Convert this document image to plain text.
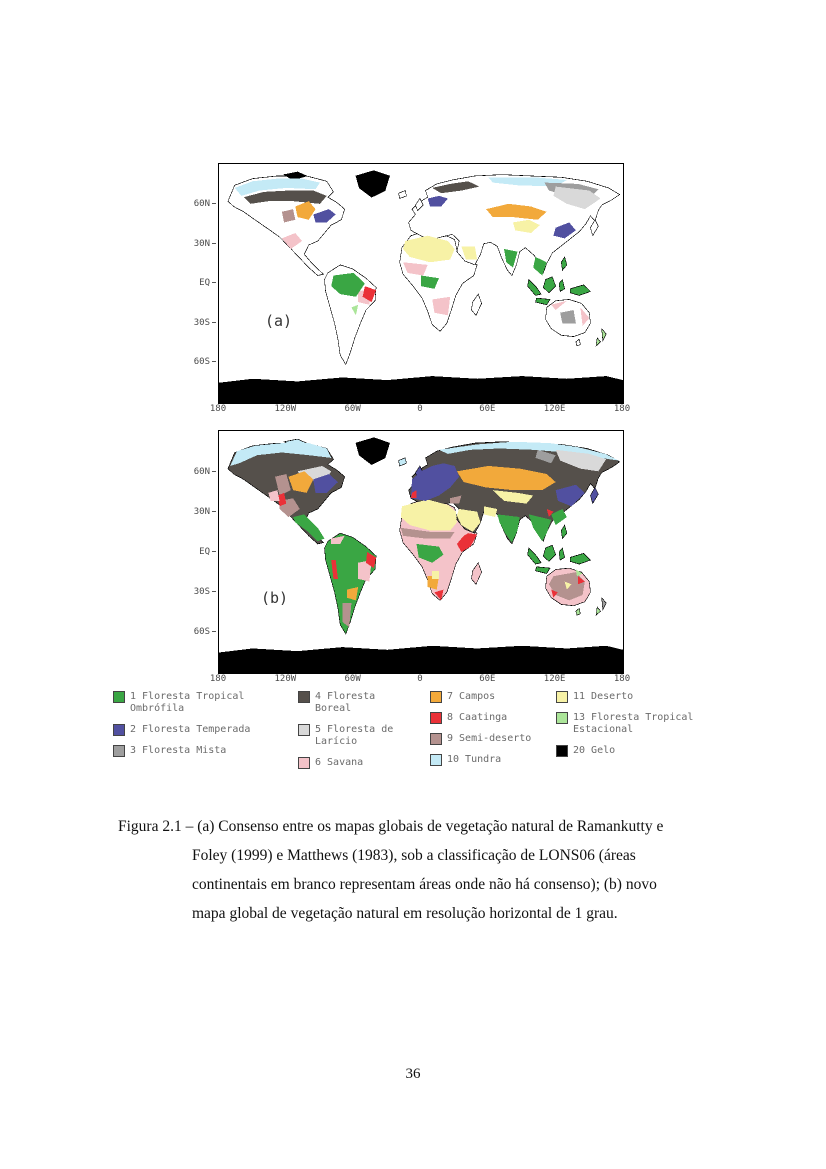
60N
30N
EQ
30S
60S
(a)
180	120W	60W	0	60E	120E	180
60N
30N
EQ
30S
60S
(b)
180	120W	60W	0	60E	120E	180
1 Floresta Tropical Ombrófila
2 Floresta Temperada
3 Floresta Mista
4 Floresta Boreal
5 Floresta de Larício
6 Savana
7 Campos
8 Caatinga
9 Semi-deserto
10 Tundra
11 Deserto
13 Floresta Tropical Estacional
20 Gelo
Figura 2.1 – (a) Consenso entre os mapas globais de vegetação natural de Ramankutty e
Foley (1999) e Matthews (1983), sob a classificação de LONS06 (áreas
continentais em branco representam áreas onde não há consenso); (b) novo
mapa global de vegetação natural em resolução horizontal de 1 grau.
36
